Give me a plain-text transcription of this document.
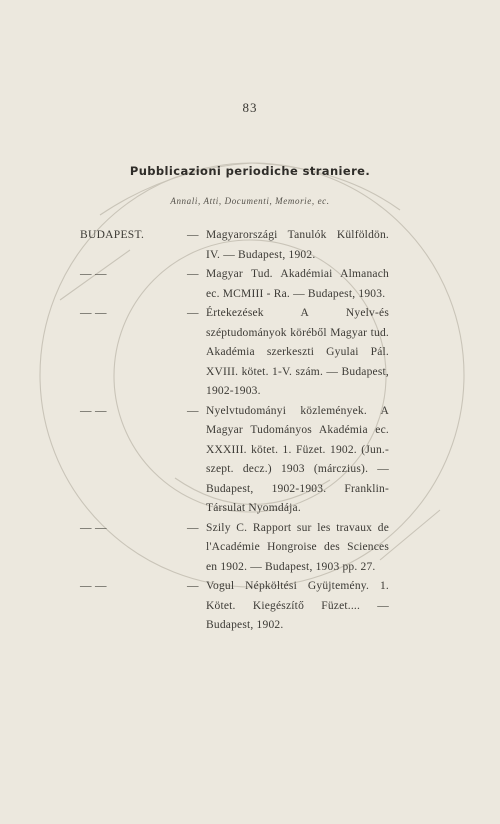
83
Pubblicazioni periodiche straniere.
Annali, Atti, Documenti, Memorie, ec.
BUDAPEST.	— Magyarországi Tanulók Külföldön. IV. — Budapest, 1902.
— —	— Magyar Tud. Akadémiai Almanach ec. MCMIII - Ra. — Budapest, 1903.
— —	— Értekezések A Nyelv-és széptudományok köréből Magyar tud. Akadémia szerkeszti Gyulai Pál. XVIII. kötet. 1-V. szám. — Budapest, 1902-1903.
— —	— Nyelvtudományi közlemények. A Magyar Tudományos Akadémia ec. XXXIII. kötet. 1. Füzet. 1902. (Jun.-szept. decz.) 1903 (márczius). — Budapest, 1902-1903. Franklin-Társulat Nyomdája.
— —	— Szily C. Rapport sur les travaux de l'Académie Hongroise des Sciences en 1902. — Budapest, 1903 pp. 27.
— —	— Vogul Népköltési Gyüjtemény. 1. Kötet. Kiegészítő Füzet.... — Budapest, 1902.
